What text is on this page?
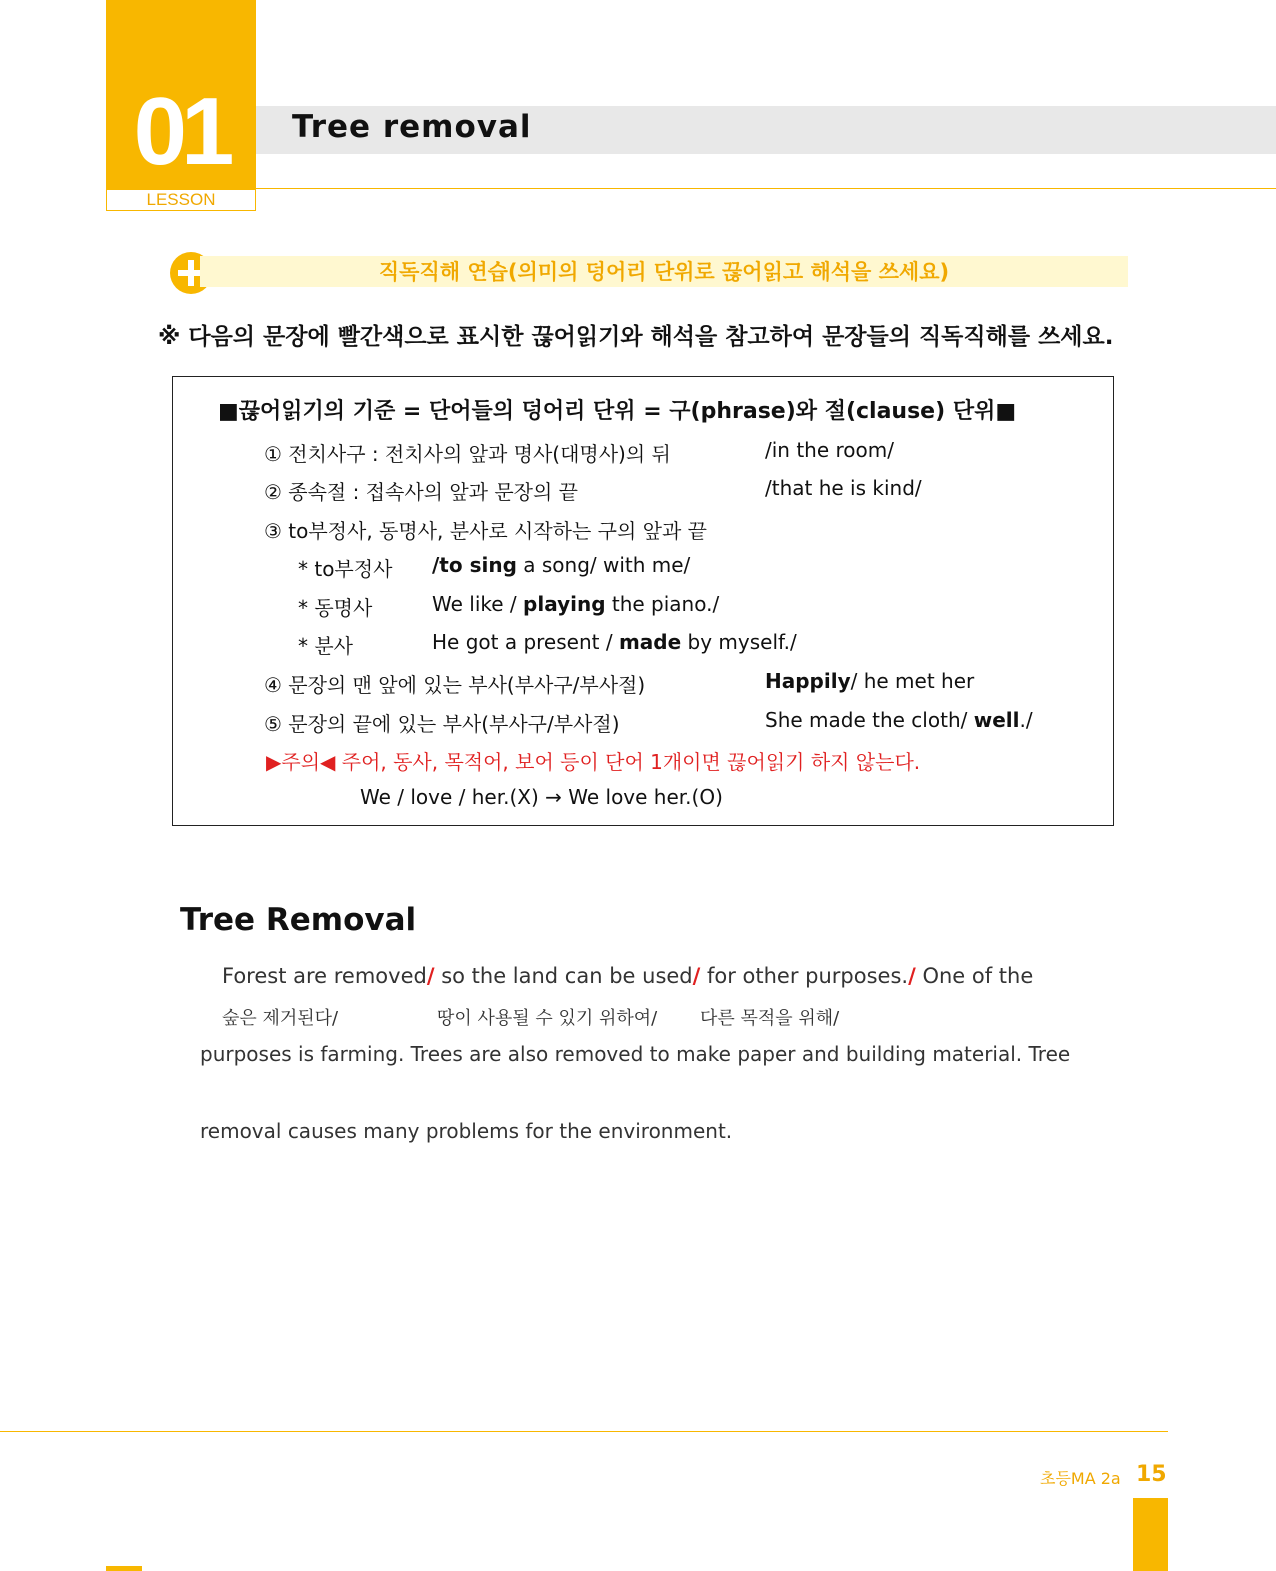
01
LESSON
Tree removal
직독직해 연습(의미의 덩어리 단위로 끊어읽고 해석을 쓰세요)
※ 다음의 문장에 빨간색으로 표시한 끊어읽기와 해석을 참고하여 문장들의 직독직해를 쓰세요.
■끊어읽기의 기준 = 단어들의 덩어리 단위 = 구(phrase)와 절(clause) 단위■
① 전치사구 : 전치사의 앞과 명사(대명사)의 뒤	/in the room/
② 종속절 : 접속사의 앞과 문장의 끝	/that he is kind/
③ to부정사, 동명사, 분사로 시작하는 구의 앞과 끝
* to부정사 /to sing a song/ with me/
* 동명사	We like / playing the piano./
* 분사	He got a present / made by myself./
④ 문장의 맨 앞에 있는 부사(부사구/부사절)	Happily/ he met her
⑤ 문장의 끝에 있는 부사(부사구/부사절)	She made the cloth/ well./
▶주의◀ 주어, 동사, 목적어, 보어 등이 단어 1개이면 끊어읽기 하지 않는다.
We / love / her.(X) → We love her.(O)
Tree Removal
Forest are removed/ so the land can be used/ for other purposes./ One of the
숲은 제거된다/	땅이 사용될 수 있기 위하여/ 다른 목적을 위해/
purposes is farming. Trees are also removed to make paper and building material. Tree
removal causes many problems for the environment.
초등MA 2a 15
